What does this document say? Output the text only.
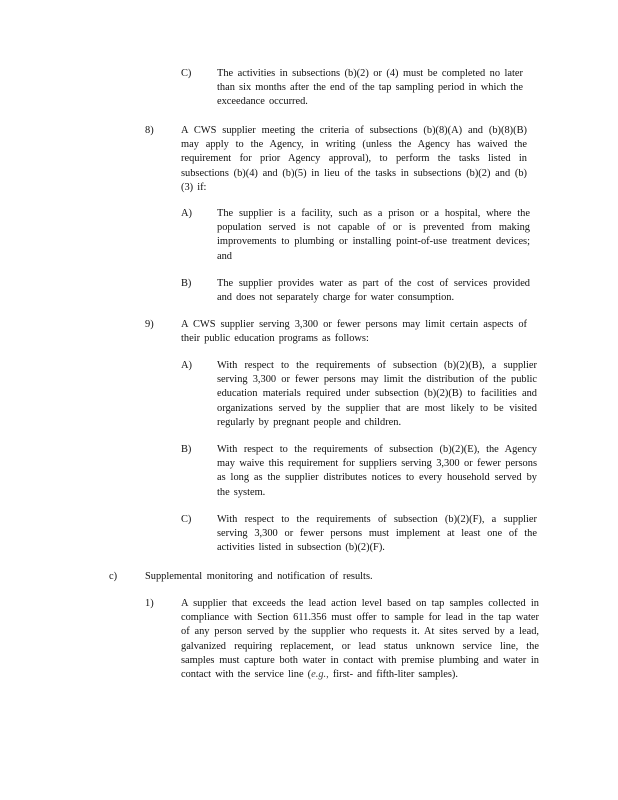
C) The activities in subsections (b)(2) or (4) must be completed no later than six months after the end of the tap sampling period in which the exceedance occurred.
8)	A CWS supplier meeting the criteria of subsections (b)(8)(A) and (b)(8)(B) may apply to the Agency, in writing (unless the Agency has waived the requirement for prior Agency approval), to perform the tasks listed in subsections (b)(4) and (b)(5) in lieu of the tasks in subsections (b)(2) and (b)(3) if:
A) The supplier is a facility, such as a prison or a hospital, where the population served is not capable of or is prevented from making improvements to plumbing or installing point-of-use treatment devices; and
B) The supplier provides water as part of the cost of services provided and does not separately charge for water consumption.
9)	A CWS supplier serving 3,300 or fewer persons may limit certain aspects of their public education programs as follows:
A) With respect to the requirements of subsection (b)(2)(B), a supplier serving 3,300 or fewer persons may limit the distribution of the public education materials required under subsection (b)(2)(B) to facilities and organizations served by the supplier that are most likely to be visited regularly by pregnant people and children.
B) With respect to the requirements of subsection (b)(2)(E), the Agency may waive this requirement for suppliers serving 3,300 or fewer persons as long as the supplier distributes notices to every household served by the system.
C) With respect to the requirements of subsection (b)(2)(F), a supplier serving 3,300 or fewer persons must implement at least one of the activities listed in subsection (b)(2)(F).
c)	Supplemental monitoring and notification of results.
1)	A supplier that exceeds the lead action level based on tap samples collected in compliance with Section 611.356 must offer to sample for lead in the tap water of any person served by the supplier who requests it. At sites served by a lead, galvanized requiring replacement, or lead status unknown service line, the samples must capture both water in contact with premise plumbing and water in contact with the service line (e.g., first- and fifth-liter samples).
